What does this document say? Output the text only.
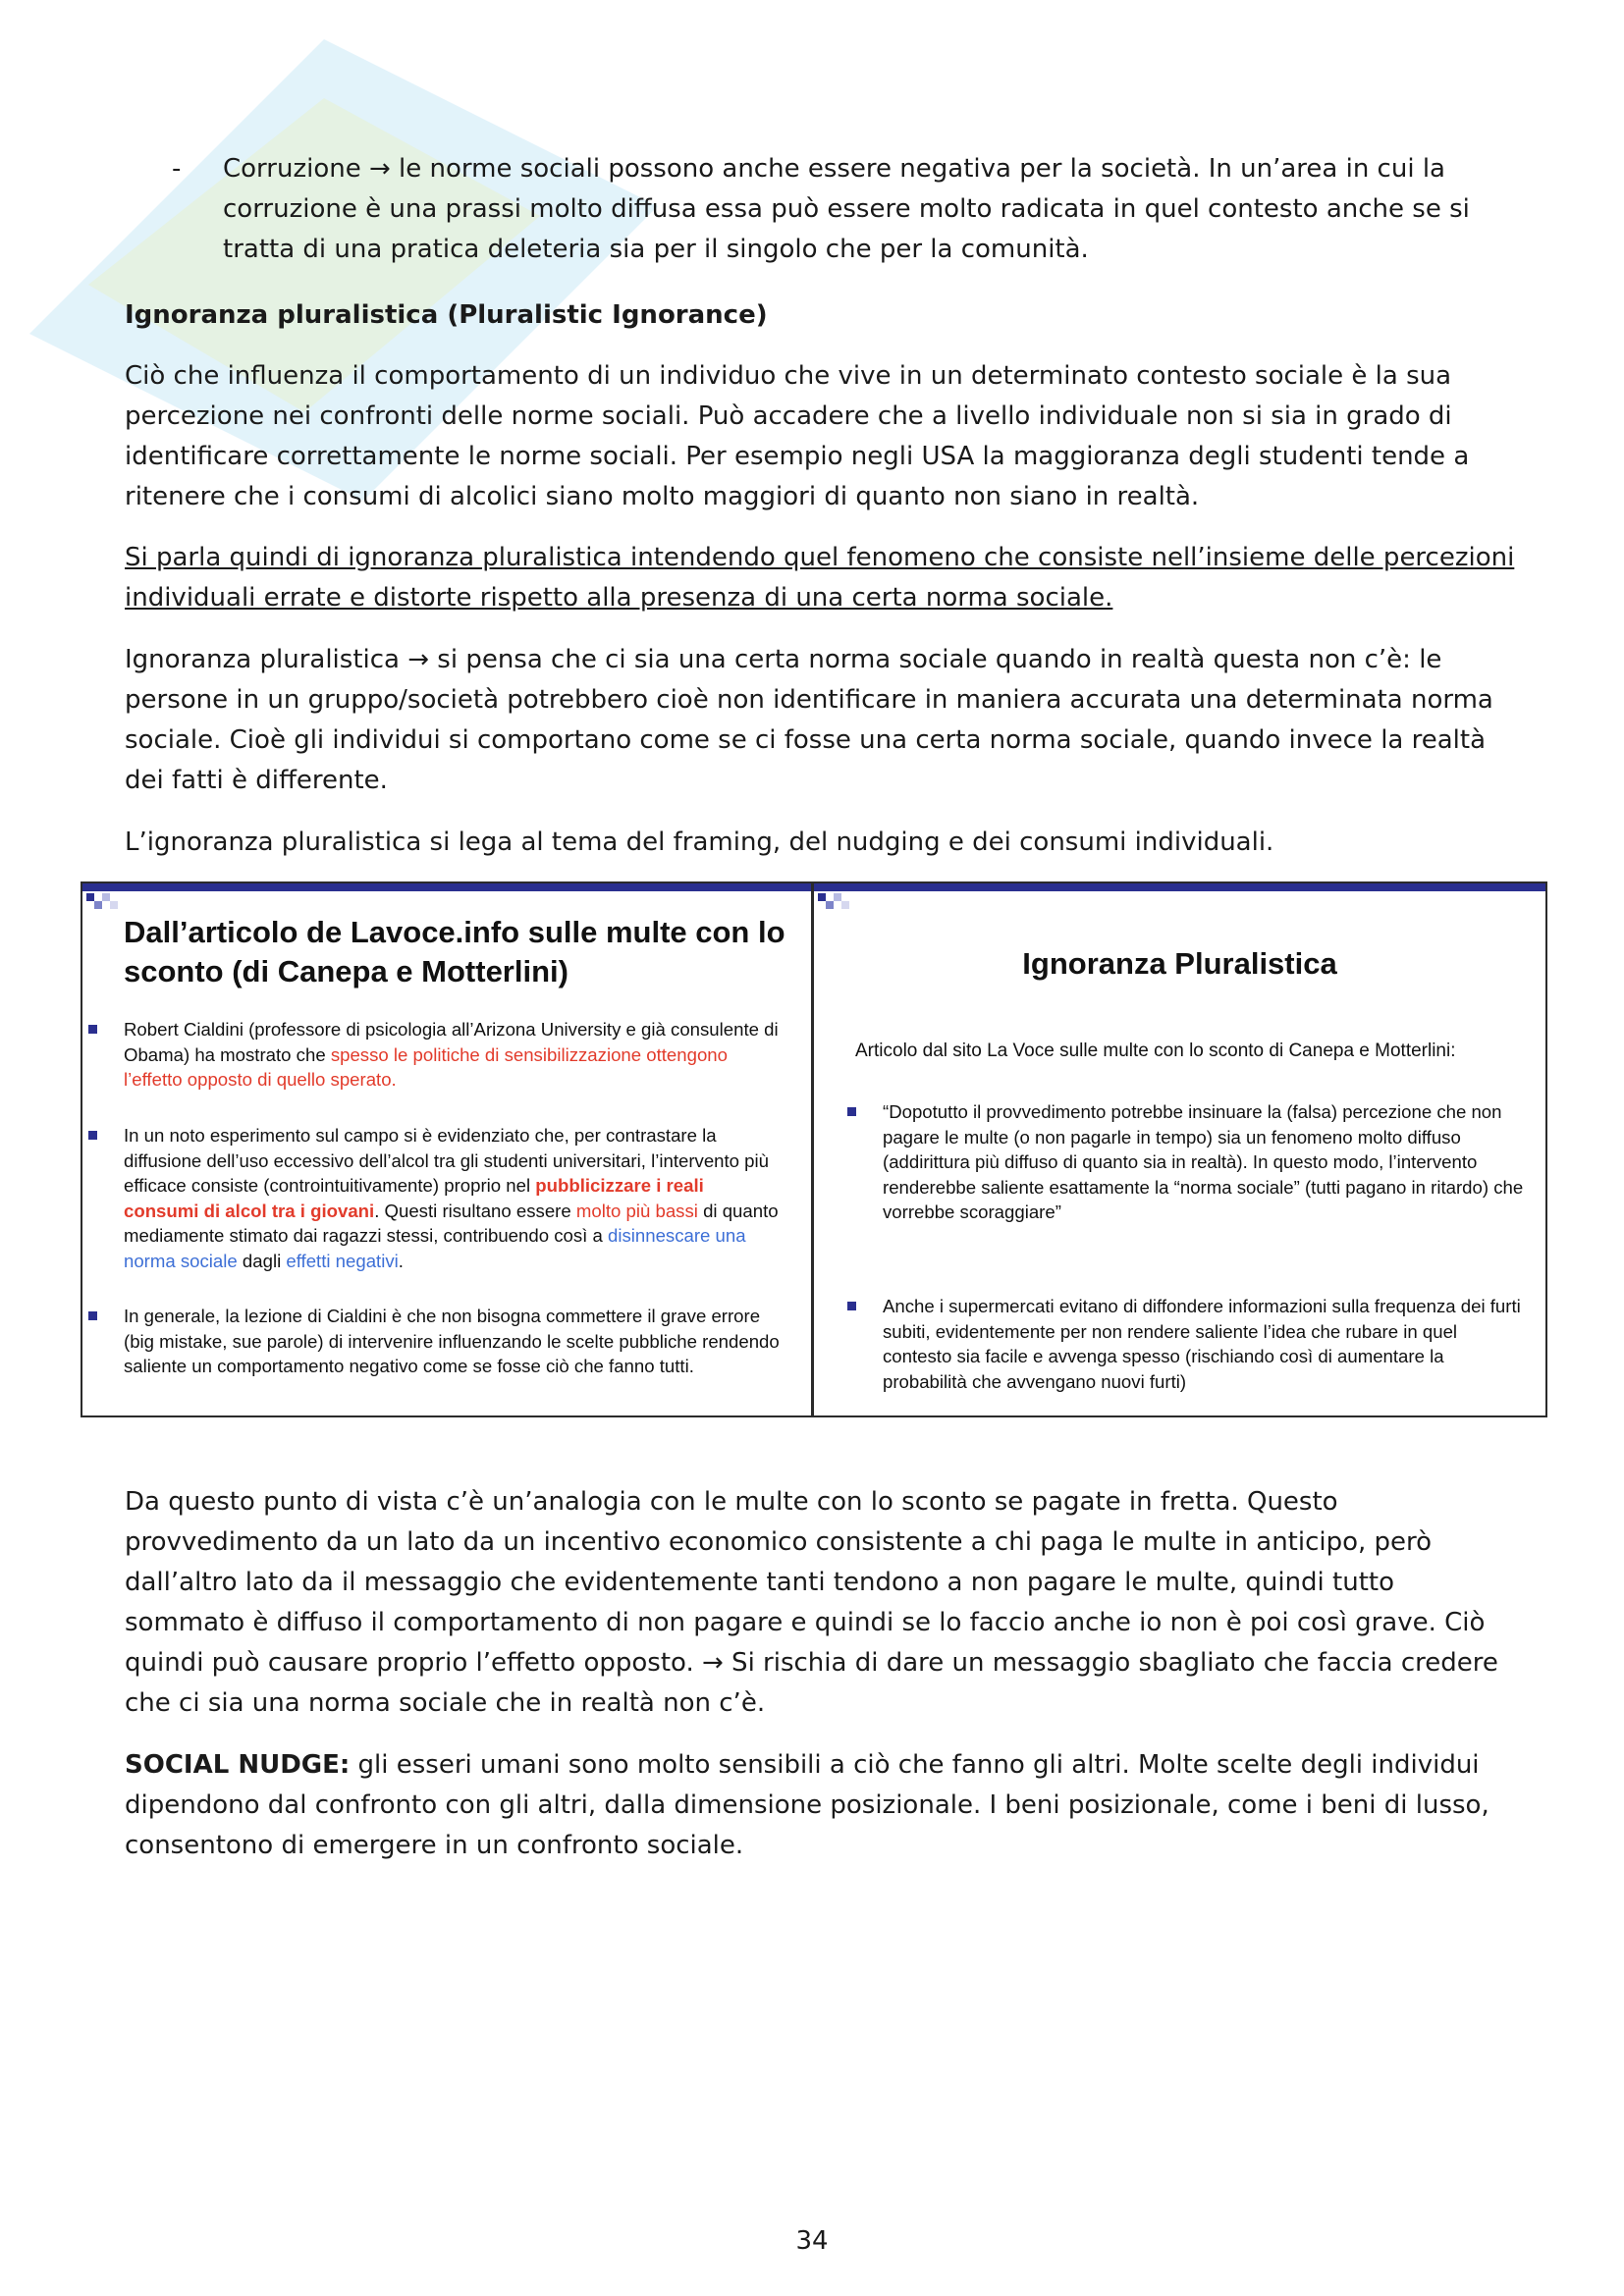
- Corruzione → le norme sociali possono anche essere negativa per la società. In un’area in cui la corruzione è una prassi molto diffusa essa può essere molto radicata in quel contesto anche se si tratta di una pratica deleteria sia per il singolo che per la comunità.
Ignoranza pluralistica (Pluralistic Ignorance)

Ciò che influenza il comportamento di un individuo che vive in un determinato contesto sociale è la sua percezione nei confronti delle norme sociali. Può accadere che a livello individuale non si sia in grado di identificare correttamente le norme sociali. Per esempio negli USA la maggioranza degli studenti tende a ritenere che i consumi di alcolici siano molto maggiori di quanto non siano in realtà.

Si parla quindi di ignoranza pluralistica intendendo quel fenomeno che consiste nell’insieme delle percezioni individuali errate e distorte rispetto alla presenza di una certa norma sociale.

Ignoranza pluralistica → si pensa che ci sia una certa norma sociale quando in realtà questa non c’è: le persone in un gruppo/società potrebbero cioè non identificare in maniera accurata una determinata norma sociale. Cioè gli individui si comportano come se ci fosse una certa norma sociale, quando invece la realtà dei fatti è differente.

L’ignoranza pluralistica si lega al tema del framing, del nudging e dei consumi individuali.

Dall’articolo de Lavoce.info sulle multe con lo sconto (di Canepa e Motterlini)
Robert Cialdini (professore di psicologia all’Arizona University e già consulente di Obama) ha mostrato che spesso le politiche di sensibilizzazione ottengono l’effetto opposto di quello sperato.
In un noto esperimento sul campo si è evidenziato che, per contrastare la diffusione dell’uso eccessivo dell’alcol tra gli studenti universitari, l’intervento più efficace consiste (controintuitivamente) proprio nel pubblicizzare i reali consumi di alcol tra i giovani. Questi risultano essere molto più bassi di quanto mediamente stimato dai ragazzi stessi, contribuendo così a disinnescare una norma sociale dagli effetti negativi.
In generale, la lezione di Cialdini è che non bisogna commettere il grave errore (big mistake, sue parole) di intervenire influenzando le scelte pubbliche rendendo saliente un comportamento negativo come se fosse ciò che fanno tutti.
Ignoranza Pluralistica
Articolo dal sito La Voce sulle multe con lo sconto di Canepa e Motterlini:
“Dopotutto il provvedimento potrebbe insinuare la (falsa) percezione che non pagare le multe (o non pagarle in tempo) sia un fenomeno molto diffuso (addirittura più diffuso di quanto sia in realtà). In questo modo, l’intervento renderebbe saliente esattamente la “norma sociale” (tutti pagano in ritardo) che vorrebbe scoraggiare”
Anche i supermercati evitano di diffondere informazioni sulla frequenza dei furti subiti, evidentemente per non rendere saliente l’idea che rubare in quel contesto sia facile e avvenga spesso (rischiando così di aumentare la probabilità che avvengano nuovi furti)

Da questo punto di vista c’è un’analogia con le multe con lo sconto se pagate in fretta. Questo provvedimento da un lato da un incentivo economico consistente a chi paga le multe in anticipo, però dall’altro lato da il messaggio che evidentemente tanti tendono a non pagare le multe, quindi tutto sommato è diffuso il comportamento di non pagare e quindi se lo faccio anche io non è poi così grave. Ciò quindi può causare proprio l’effetto opposto. → Si rischia di dare un messaggio sbagliato che faccia credere che ci sia una norma sociale che in realtà non c’è.

SOCIAL NUDGE: gli esseri umani sono molto sensibili a ciò che fanno gli altri. Molte scelte degli individui dipendono dal confronto con gli altri, dalla dimensione posizionale. I beni posizionale, come i beni di lusso, consentono di emergere in un confronto sociale.

34
